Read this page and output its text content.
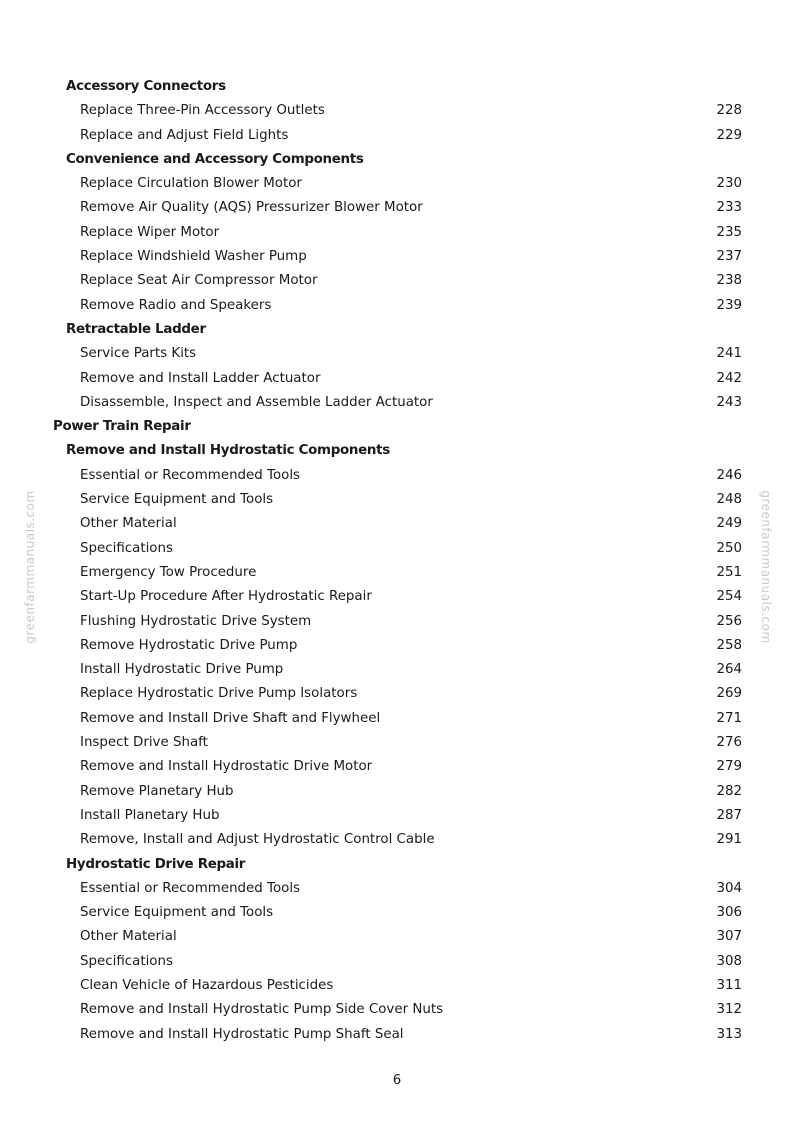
greenfarmmanuals.com	greenfarmmanuals.com
Accessory Connectors
Replace Three-Pin Accessory Outlets	228
Replace and Adjust Field Lights	229
Convenience and Accessory Components
Replace Circulation Blower Motor	230
Remove Air Quality (AQS) Pressurizer Blower Motor	233
Replace Wiper Motor	235
Replace Windshield Washer Pump	237
Replace Seat Air Compressor Motor	238
Remove Radio and Speakers	239
Retractable Ladder
Service Parts Kits	241
Remove and Install Ladder Actuator	242
Disassemble, Inspect and Assemble Ladder Actuator	243
Power Train Repair
Remove and Install Hydrostatic Components
Essential or Recommended Tools	246
Service Equipment and Tools	248
Other Material	249
Specifications	250
Emergency Tow Procedure	251
Start-Up Procedure After Hydrostatic Repair	254
Flushing Hydrostatic Drive System	256
Remove Hydrostatic Drive Pump	258
Install Hydrostatic Drive Pump	264
Replace Hydrostatic Drive Pump Isolators	269
Remove and Install Drive Shaft and Flywheel	271
Inspect Drive Shaft	276
Remove and Install Hydrostatic Drive Motor	279
Remove Planetary Hub	282
Install Planetary Hub	287
Remove, Install and Adjust Hydrostatic Control Cable	291
Hydrostatic Drive Repair
Essential or Recommended Tools	304
Service Equipment and Tools	306
Other Material	307
Specifications	308
Clean Vehicle of Hazardous Pesticides	311
Remove and Install Hydrostatic Pump Side Cover Nuts	312
Remove and Install Hydrostatic Pump Shaft Seal	313
6
